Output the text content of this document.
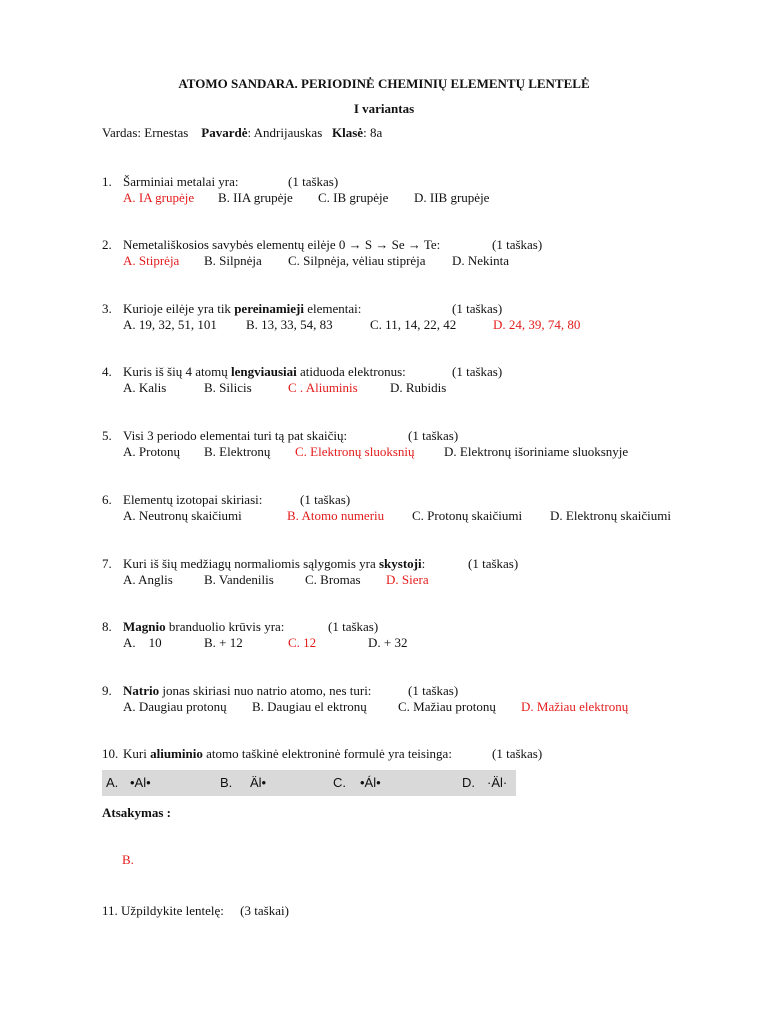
ATOMO SANDARA. PERIODINĖ CHEMINIŲ ELEMENTŲ LENTELĖ
I variantas
Vardas: Ernestas Pavardė: Andrijauskas Klasė: 8a
1. Šarminiai metalai yra:	(1 taškas)
A. IA grupėje B. IIA grupėje C. IB grupėje D. IIB grupėje
2. Nemetališkosios savybės elementų eilėje 0 → S → Se → Te:	(1 taškas)
A. Stiprėja B. Silpnėja C. Silpnėja, vėliau stiprėja D. Nekinta
3. Kurioje eilėje yra tik pereinamieji elementai:	(1 taškas)
A. 19, 32, 51, 101 B. 13, 33, 54, 83	C. 11, 14, 22, 42	D. 24, 39, 74, 80
4. Kuris iš šių 4 atomų lengviausiai atiduoda elektronus:	(1 taškas)
A. Kalis	B. Silicis	C . Aliuminis D. Rubidis
5. Visi 3 periodo elementai turi tą pat skaičių:	(1 taškas)
A. Protonų B. Elektronų C. Elektronų sluoksnių D. Elektronų išoriniame sluoksnyje
6. Elementų izotopai skiriasi:	(1 taškas)
A. Neutronų skaičiumi	B. Atomo numeriu C. Protonų skaičiumi D. Elektronų skaičiumi
7. Kuri iš šių medžiagų normaliomis sąlygomis yra skystoji:	(1 taškas)
A. Anglis B. Vandenilis C. Bromas D. Siera
8. Magnio branduolio krūvis yra:	(1 taškas)
A.    10	B. + 12	C. 12	D. + 32
9. Natrio jonas skiriasi nuo natrio atomo, nes turi:	(1 taškas)
A. Daugiau protonų B. Daugiau el ektronų C. Mažiau protonų D. Mažiau elektronų
10. Kuri aliuminio atomo taškinė elektroninė formulė yra teisinga:	(1 taškas)
A. •Al•	B. Äl•	C. •Ál•	D. ·Äl·
Atsakymas :
B.
11. Užpildykite lentelę: (3 taškai)
